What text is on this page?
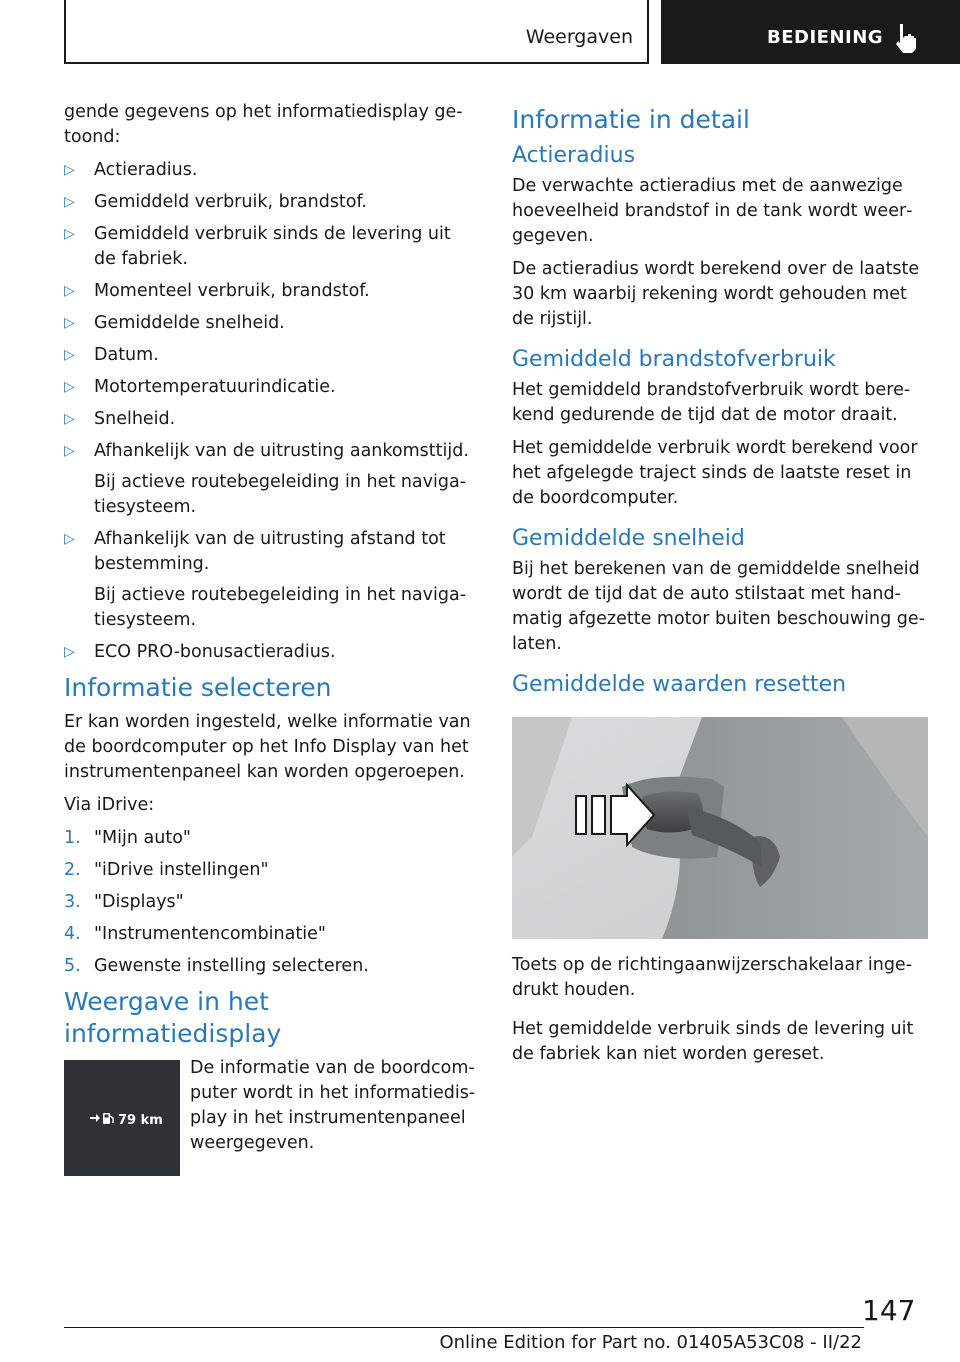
Weergaven	BEDIENING

gende gegevens op het informatiedisplay getoond:

▷ Actieradius.
▷ Gemiddeld verbruik, brandstof.
▷ Gemiddeld verbruik sinds de levering uit de fabriek.
▷ Momenteel verbruik, brandstof.
▷ Gemiddelde snelheid.
▷ Datum.
▷ Motortemperatuurindicatie.
▷ Snelheid.
▷ Afhankelijk van de uitrusting aankomsttijd.
Bij actieve routebegeleiding in het navigatiesysteem.
▷ Afhankelijk van de uitrusting afstand tot bestemming.
Bij actieve routebegeleiding in het navigatiesysteem.
▷ ECO PRO-bonusactieradius.
Informatie selecteren

Er kan worden ingesteld, welke informatie van de boordcomputer op het Info Display van het instrumentenpaneel kan worden opgeroepen.

Via iDrive:

1. "Mijn auto"
2. "iDrive instellingen"
3. "Displays"
4. "Instrumentencombinatie"
5. Gewenste instelling selecteren.
Weergave in het informatiedisplay
79 km
De informatie van de boordcomputer wordt in het informatiedisplay in het instrumentenpaneel weergegeven.
Informatie in detail
Actieradius

De verwachte actieradius met de aanwezige hoeveelheid brandstof in de tank wordt weergegeven.

De actieradius wordt berekend over de laatste 30 km waarbij rekening wordt gehouden met de rijstijl.

Gemiddeld brandstofverbruik

Het gemiddeld brandstofverbruik wordt berekend gedurende de tijd dat de motor draait.

Het gemiddelde verbruik wordt berekend voor het afgelegde traject sinds de laatste reset in de boordcomputer.

Gemiddelde snelheid

Bij het berekenen van de gemiddelde snelheid wordt de tijd dat de auto stilstaat met handmatig afgezette motor buiten beschouwing gelaten.

Gemiddelde waarden resetten

Toets op de richtingaanwijzerschakelaar ingedrukt houden.

Het gemiddelde verbruik sinds de levering uit de fabriek kan niet worden gereset.

147
Online Edition for Part no. 01405A53C08 - II/22
